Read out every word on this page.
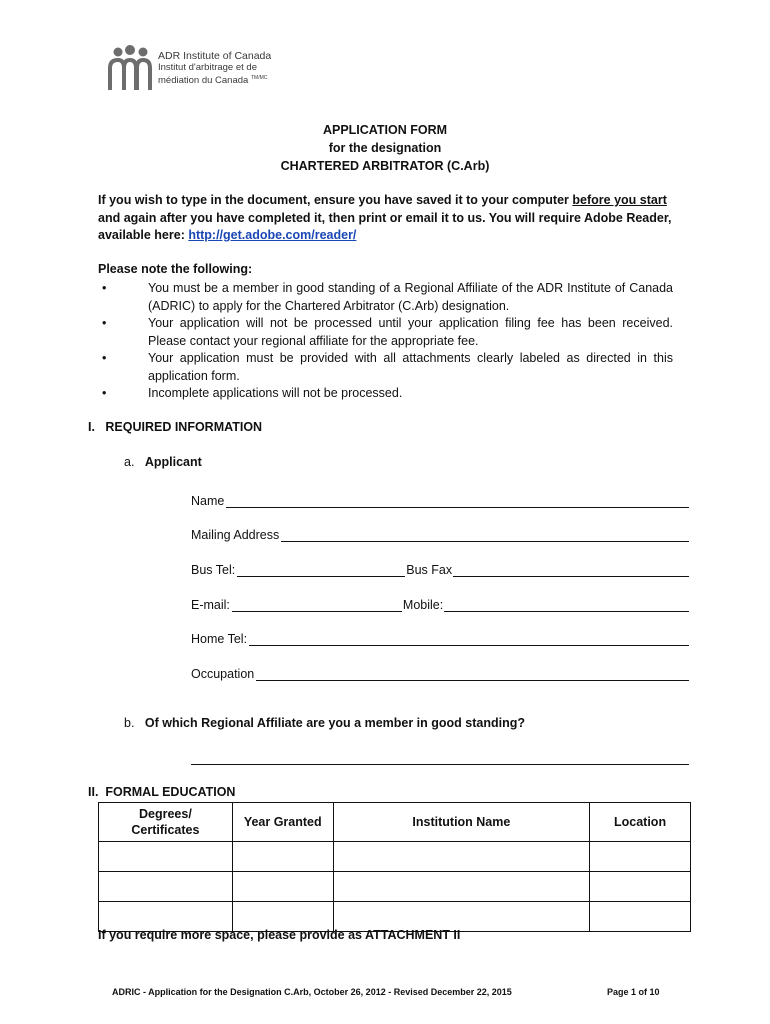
ADR Institute of Canada
Institut d'arbitrage et de
médiation du Canada $^{TM/MC}$
APPLICATION FORM
for the designation
CHARTERED ARBITRATOR (C.Arb)
If you wish to type in the document, ensure you have saved it to your computer before you start and again after you have completed it, then print or email it to us. You will require Adobe Reader, available here: http://get.adobe.com/reader/
Please note the following:
•	You must be a member in good standing of a Regional Affiliate of the ADR Institute of Canada (ADRIC) to apply for the Chartered Arbitrator (C.Arb) designation.
•	Your application will not be processed until your application filing fee has been received. Please contact your regional affiliate for the appropriate fee.
•	Your application must be provided with all attachments clearly labeled as directed in this application form.
•	Incomplete applications will not be processed.
I. REQUIRED INFORMATION
a. Applicant
Name
Mailing Address
Bus Tel:	Bus Fax
E-mail:	Mobile:
Home Tel:
Occupation
b. Of which Regional Affiliate are you a member in good standing?
II. FORMAL EDUCATION
Degrees/
Certificates	Year Granted	Institution Name	Location

If you require more space, please provide as ATTACHMENT II
ADRIC - Application for the Designation C.Arb, October 26, 2012 - Revised December 22, 2015	Page 1 of 10
